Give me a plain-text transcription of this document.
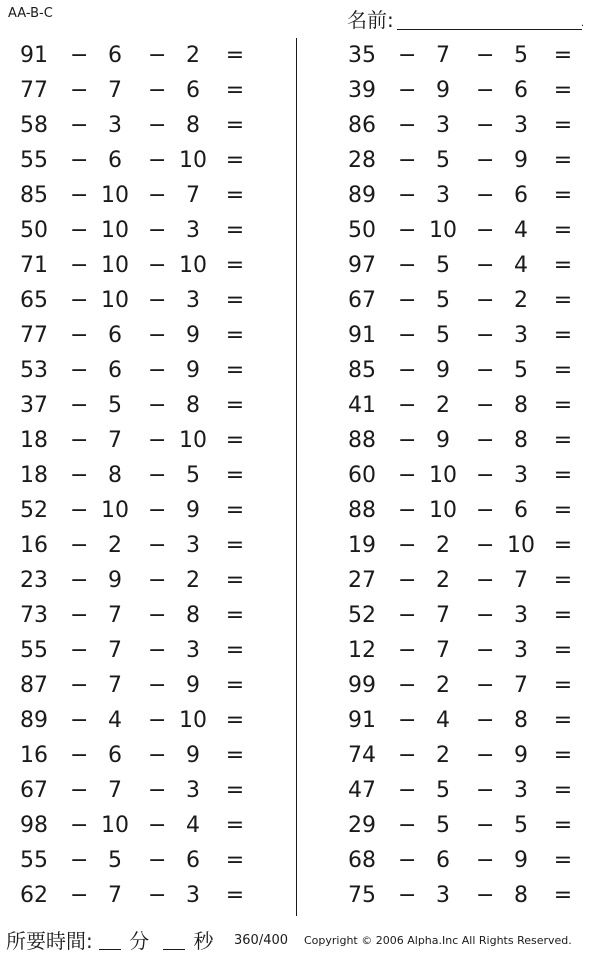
AA-B-C	名前:	.
91 − 6	− 2	=
77 − 7	− 6	=
58 − 3	− 8	=
55 − 6	− 10 =
85 − 10 − 7	=
50 − 10 − 3	=
71 − 10 − 10 =
65 − 10 − 3	=
77 − 6	− 9	=
53 − 6	− 9	=
37 − 5	− 8	=
18 − 7	− 10 =
18 − 8	− 5	=
52 − 10 − 9	=
16 − 2	− 3	=
23 − 9	− 2	=
73 − 7	− 8	=
55 − 7	− 3	=
87 − 7	− 9	=
89 − 4	− 10 =
16 − 6	− 9	=
67 − 7	− 3	=
98 − 10 − 4	=
55 − 5	− 6	=
62 − 7	− 3	=
35 − 7	− 5	=
39 − 9	− 6	=
86 − 3	− 3	=
28 − 5	− 9	=
89 − 3	− 6	=
50 − 10 − 4	=
97 − 5	− 4	=
67 − 5	− 2	=
91 − 5	− 3	=
85 − 9	− 5	=
41 − 2	− 8	=
88 − 9	− 8	=
60 − 10 − 3	=
88 − 10 − 6	=
19 − 2	− 10 =
27 − 2	− 7	=
52 − 7	− 3	=
12 − 7	− 3	=
99 − 2	− 7	=
91 − 4	− 8	=
74 − 2	− 9	=
47 − 5	− 3	=
29 − 5	− 5	=
68 − 6	− 9	=
75 − 3	− 8	=
所要時間: 分 秒	360/400 Copyright © 2006 Alpha.Inc All Rights Reserved.
